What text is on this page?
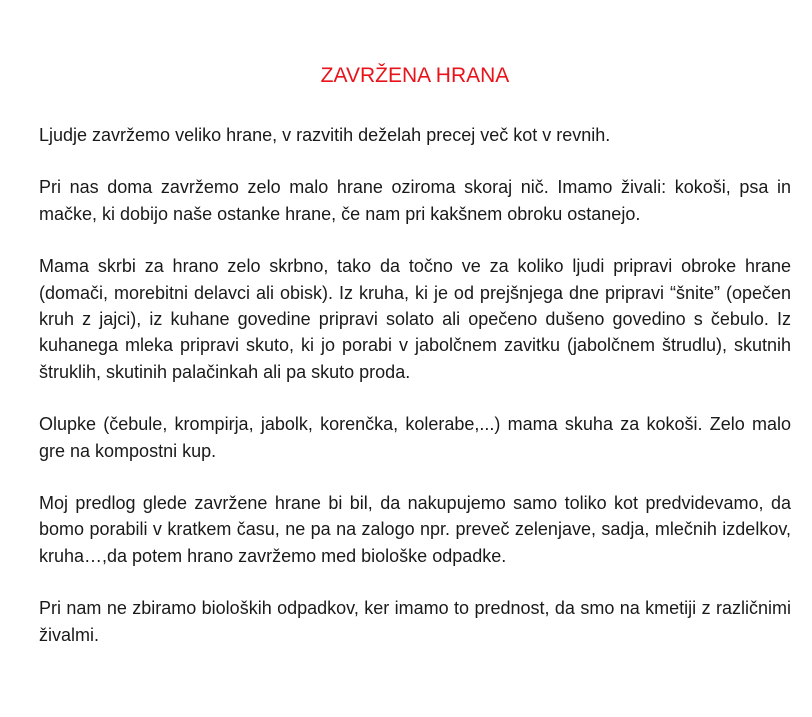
ZAVRŽENA HRANA

Ljudje zavržemo veliko hrane, v razvitih deželah precej več kot v revnih.

Pri nas doma zavržemo zelo malo hrane oziroma skoraj nič. Imamo živali: kokoši, psa in mačke, ki dobijo naše ostanke hrane, če nam pri kakšnem obroku ostanejo.

Mama skrbi za hrano zelo skrbno, tako da točno ve za koliko ljudi pripravi obroke hrane (domači, morebitni delavci ali obisk). Iz kruha, ki je od prejšnjega dne pripravi “šnite” (opečen kruh z jajci), iz kuhane govedine pripravi solato ali opečeno dušeno govedino s čebulo. Iz kuhanega mleka pripravi skuto, ki jo porabi v jabolčnem zavitku (jabolčnem štrudlu), skutnih štruklih, skutinih palačinkah ali pa skuto proda.

Olupke (čebule, krompirja, jabolk, korenčka, kolerabe,...) mama skuha za kokoši. Zelo malo gre na kompostni kup.

Moj predlog glede zavržene hrane bi bil, da nakupujemo samo toliko kot predvidevamo, da bomo porabili v kratkem času, ne pa na zalogo npr. preveč zelenjave, sadja, mlečnih izdelkov, kruha…,da potem hrano zavržemo med biološke odpadke.

Pri nam ne zbiramo bioloških odpadkov, ker imamo to prednost, da smo na kmetiji z različnimi živalmi.
